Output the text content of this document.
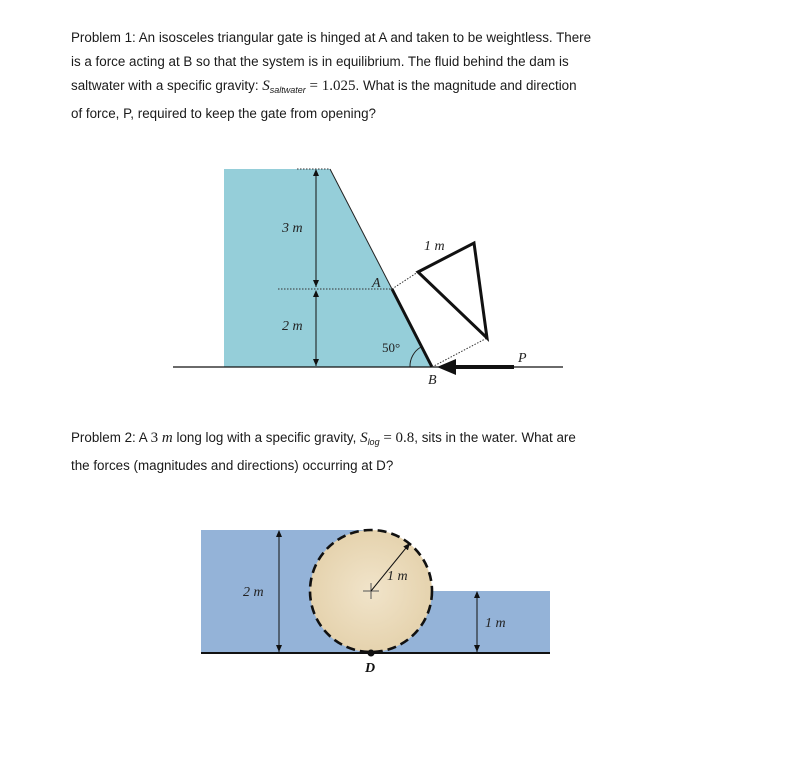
Problem 1: An isosceles triangular gate is hinged at A and taken to be weightless. There
is a force acting at B so that the system is in equilibrium. The fluid behind the dam is
saltwater with a specific gravity: $S_{saltwater} = 1.025$. What is the magnitude and direction
of force, P, required to keep the gate from opening?
3 m
2 m
A
50°
1 m
P
B
1 m
2 m
1 m
D
Problem 2: A 3 m long log with a specific gravity, $S_{log} = 0.8$, sits in the water. What are
the forces (magnitudes and directions) occurring at D?
